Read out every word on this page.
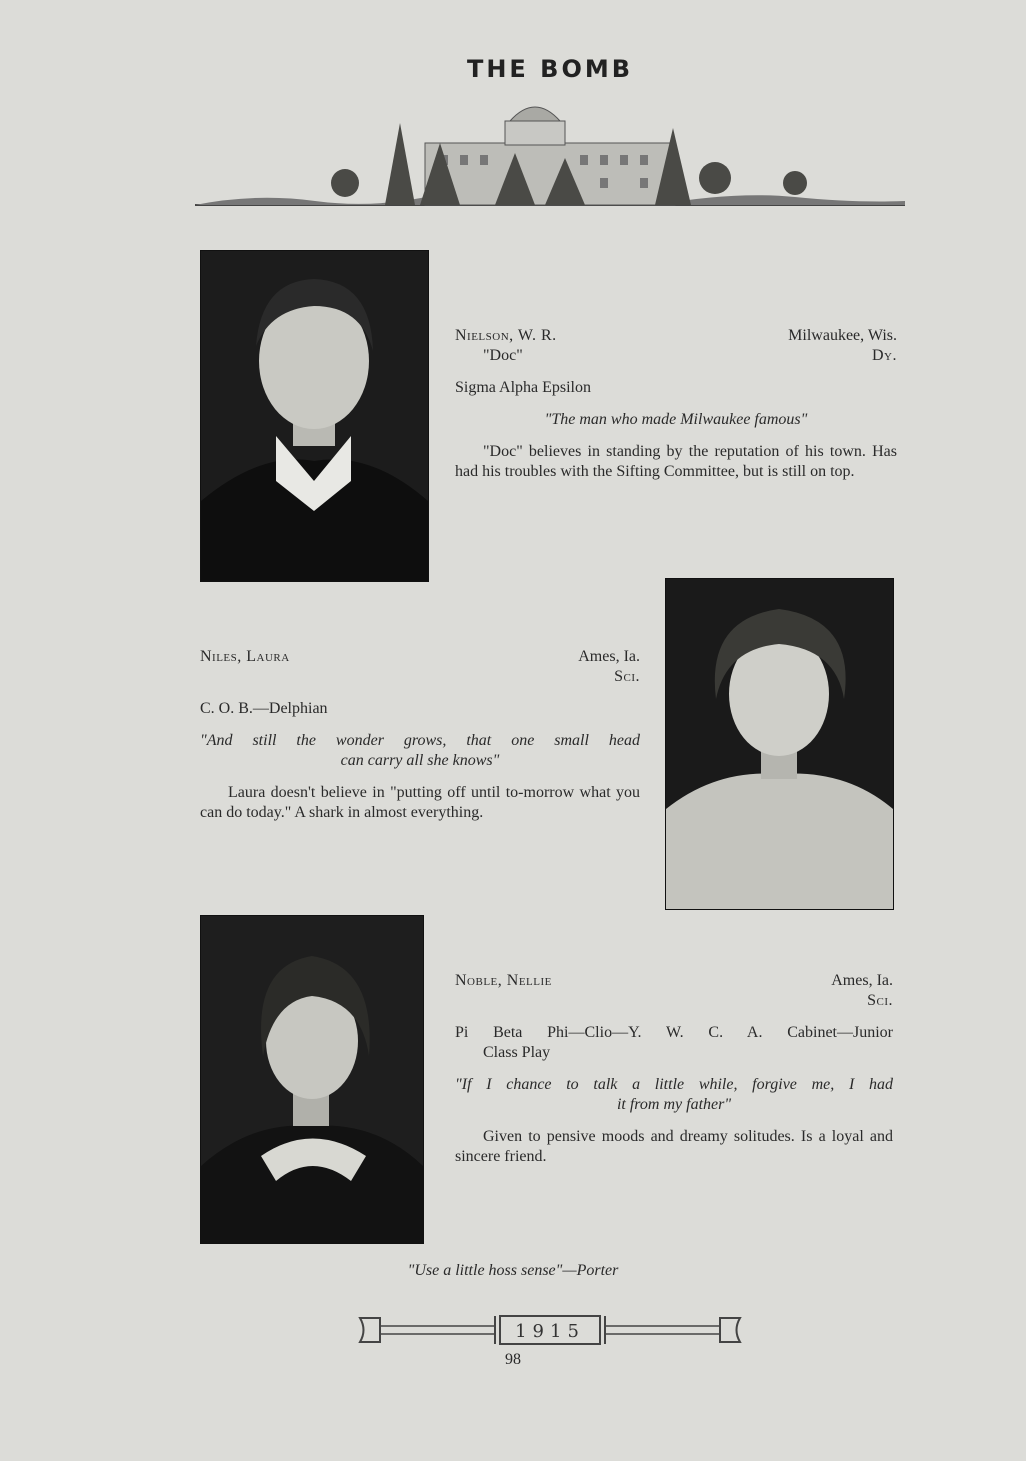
THE BOMB
Nielson, W. R.	Milwaukee, Wis.
"Doc"	Dy.
Sigma Alpha Epsilon
"The man who made Milwaukee famous"
"Doc" believes in standing by the reputation of his town. Has had his troubles with the Sifting Committee, but is still on top.
Niles, Laura	Ames, Ia.
Sci.
C. O. B.—Delphian
"And still the wonder grows, that one small head
can carry all she knows"
Laura doesn't believe in "putting off until to-morrow what you can do today." A shark in almost everything.
Noble, Nellie	Ames, Ia.
Sci.
Pi Beta Phi—Clio—Y. W. C. A. Cabinet—Junior
Class Play
"If I chance to talk a little while, forgive me, I had
it from my father"
Given to pensive moods and dreamy solitudes. Is a loyal and sincere friend.
"Use a little hoss sense"—Porter
1915
98
